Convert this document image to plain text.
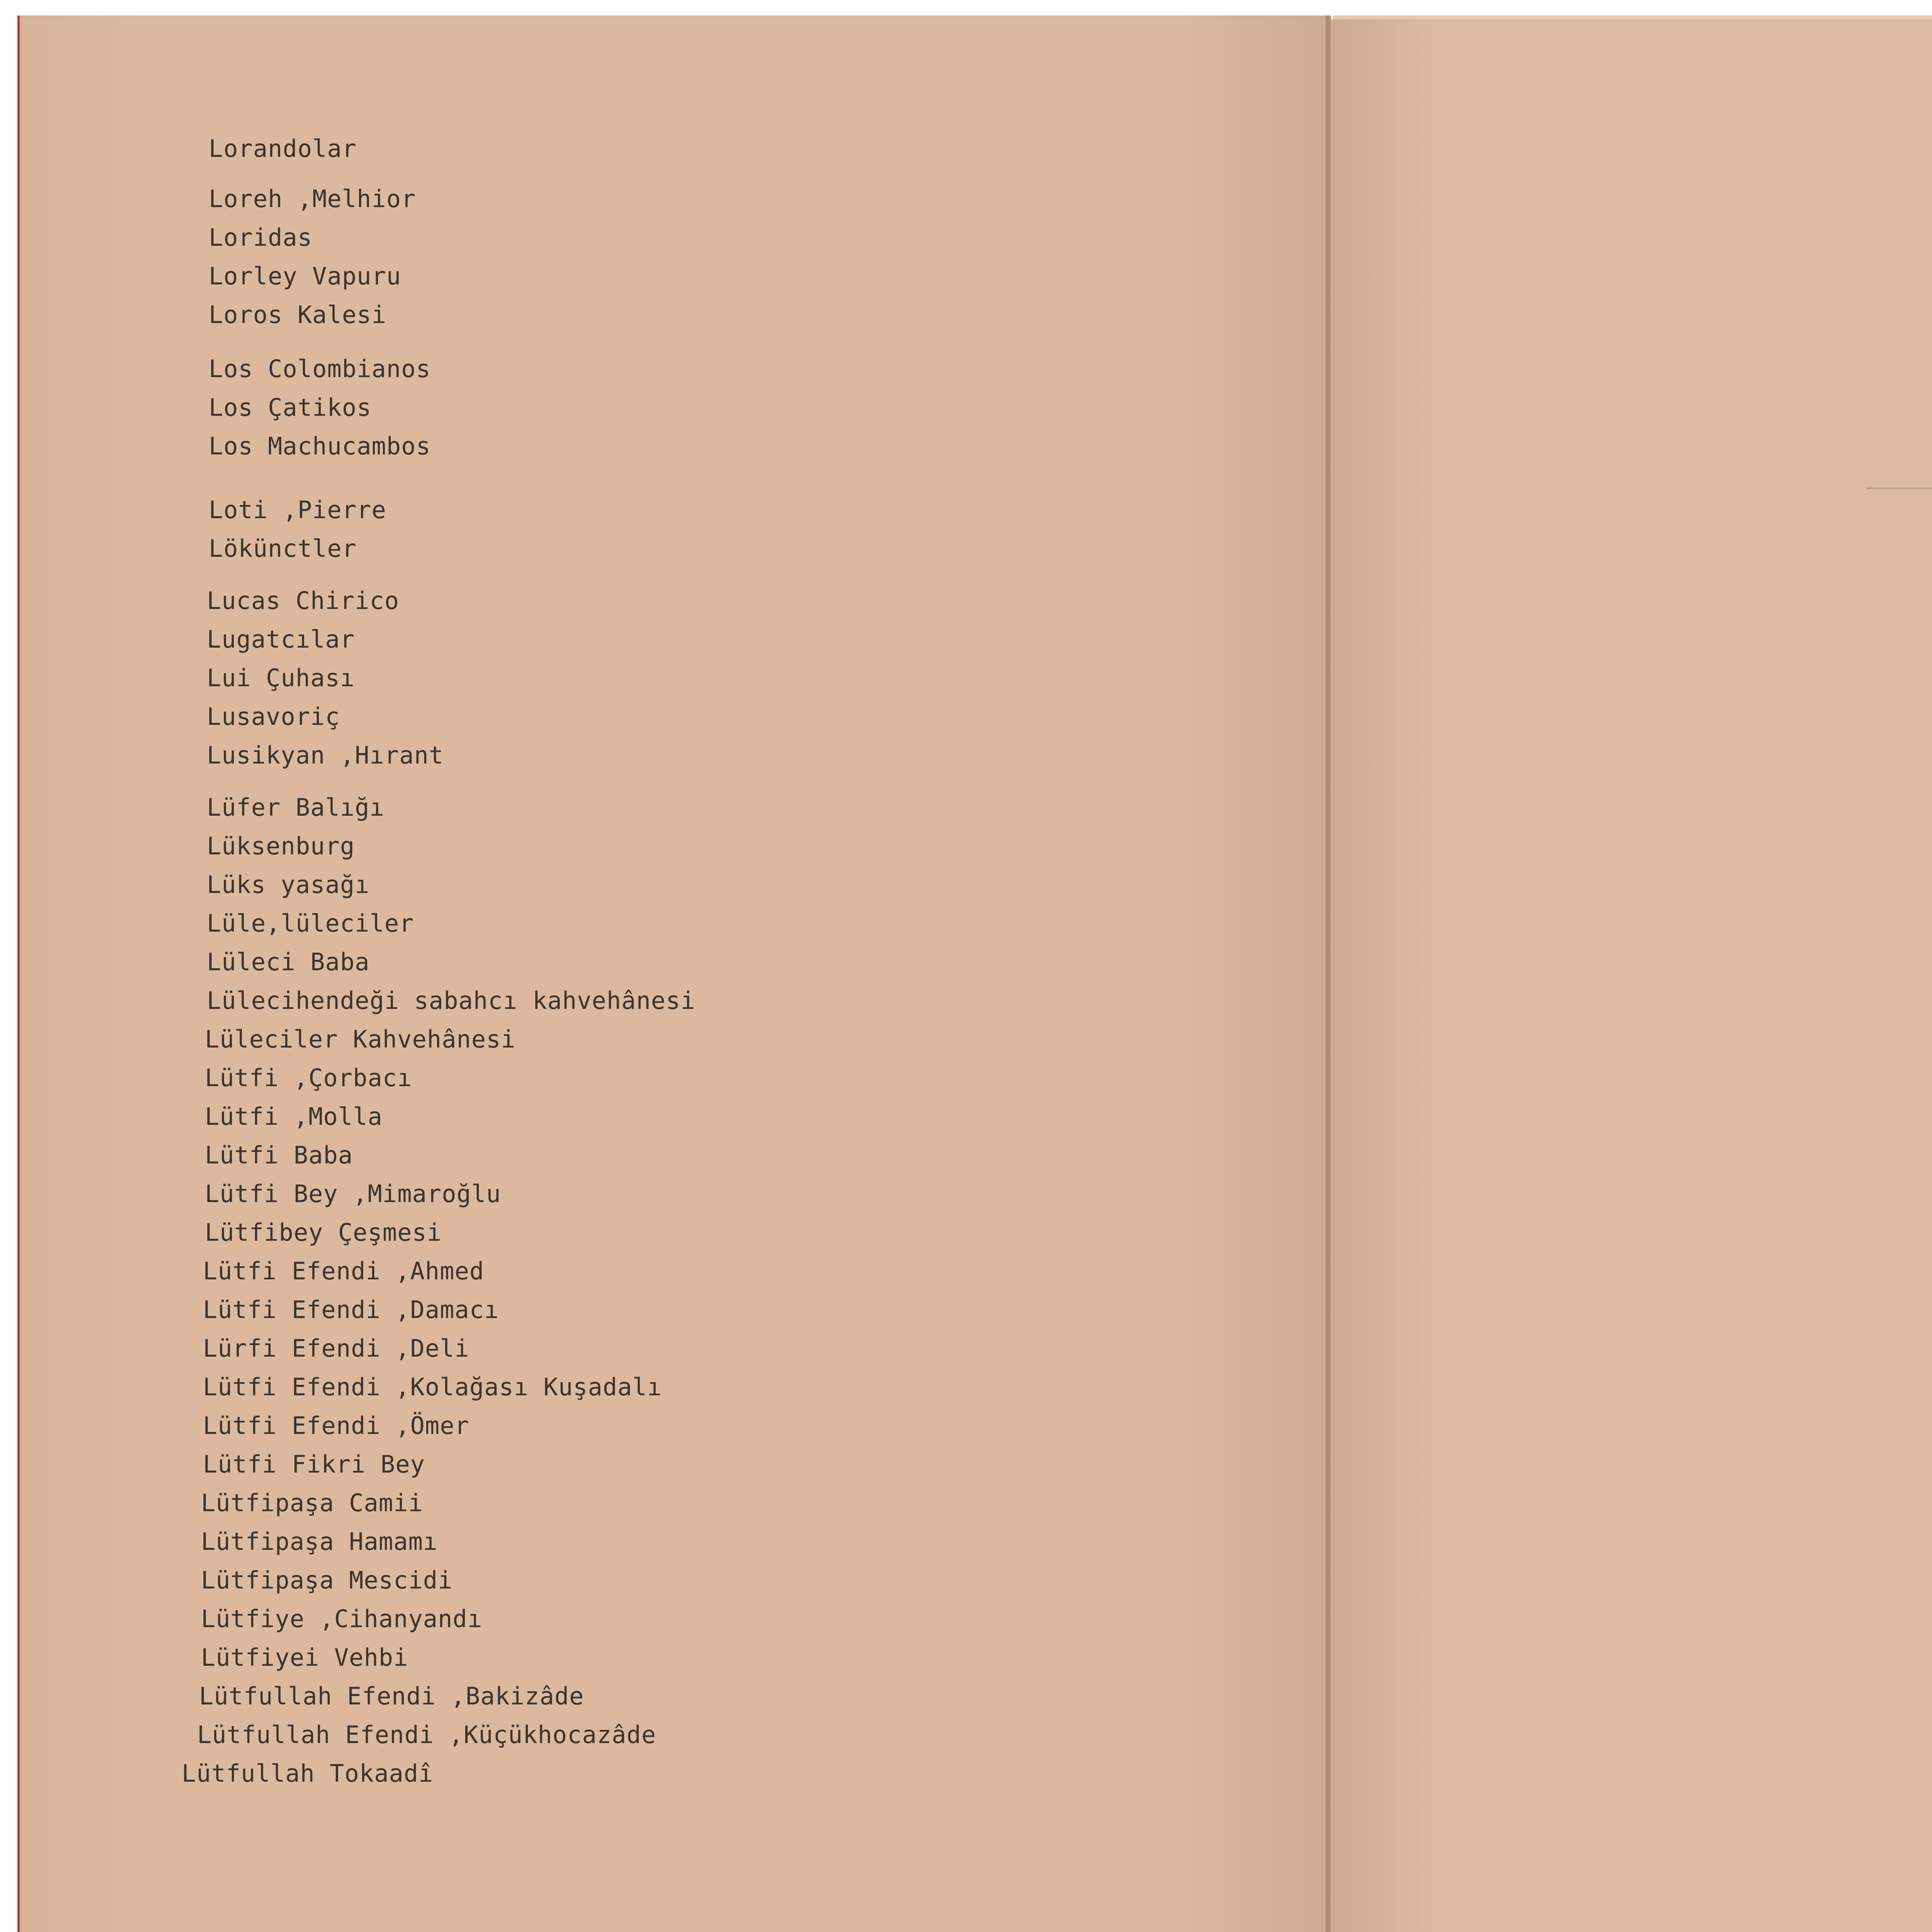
Lorandolar
Loreh ,Melhior
Loridas
Lorley Vapuru
Loros Kalesi
Los Colombianos
Los Çatikos
Los Machucambos
Loti ,Pierre
Lökünctler
Lucas Chirico
Lugatcılar
Lui Çuhası
Lusavoriç
Lusikyan ,Hırant
Lüfer Balığı
Lüksenburg
Lüks yasağı
Lüle,lüleciler
Lüleci Baba
Lülecihendeği sabahcı kahvehânesi
Lüleciler Kahvehânesi
Lütfi ,Çorbacı
Lütfi ,Molla
Lütfi Baba
Lütfi Bey ,Mimaroğlu
Lütfibey Çeşmesi
Lütfi Efendi ,Ahmed
Lütfi Efendi ,Damacı
Lürfi Efendi ,Deli
Lütfi Efendi ,Kolağası Kuşadalı
Lütfi Efendi ,Ömer
Lütfi Fikri Bey
Lütfipaşa Camii
Lütfipaşa Hamamı
Lütfipaşa Mescidi
Lütfiye ,Cihanyandı
Lütfiyei Vehbi
Lütfullah Efendi ,Bakizâde
Lütfullah Efendi ,Küçükhocazâde
Lütfullah Tokaadî
